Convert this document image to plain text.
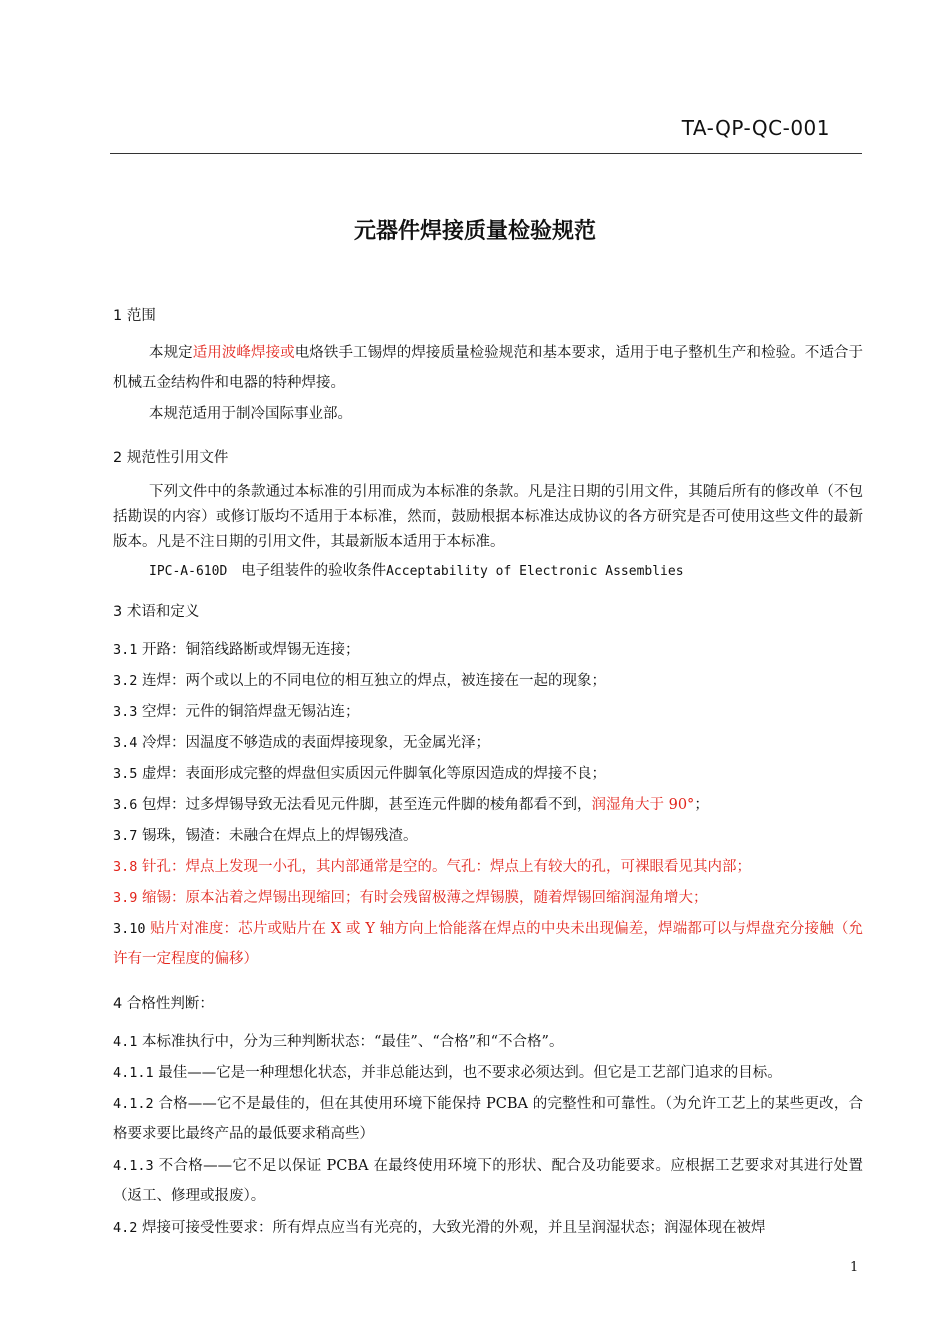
TA-QP-QC-001
元器件焊接质量检验规范
1 范围
本规定适用波峰焊接或电烙铁手工锡焊的焊接质量检验规范和基本要求，适用于电子整机生产和检验。不适合于机械五金结构件和电器的特种焊接。
本规范适用于制冷国际事业部。
2 规范性引用文件
下列文件中的条款通过本标准的引用而成为本标准的条款。凡是注日期的引用文件，其随后所有的修改单（不包括勘误的内容）或修订版均不适用于本标准，然而，鼓励根据本标准达成协议的各方研究是否可使用这些文件的最新版本。凡是不注日期的引用文件，其最新版本适用于本标准。
IPC-A-610D 电子组装件的验收条件Acceptability of Electronic Assemblies
3 术语和定义
3.1 开路：铜箔线路断或焊锡无连接；
3.2 连焊：两个或以上的不同电位的相互独立的焊点，被连接在一起的现象；
3.3 空焊：元件的铜箔焊盘无锡沾连；
3.4 冷焊：因温度不够造成的表面焊接现象，无金属光泽；
3.5 虚焊：表面形成完整的焊盘但实质因元件脚氧化等原因造成的焊接不良；
3.6 包焊：过多焊锡导致无法看见元件脚，甚至连元件脚的棱角都看不到，润湿角大于 90°；
3.7 锡珠，锡渣：未融合在焊点上的焊锡残渣。
3.8 针孔：焊点上发现一小孔，其内部通常是空的。气孔：焊点上有较大的孔，可裸眼看见其内部；
3.9 缩锡：原本沾着之焊锡出现缩回；有时会残留极薄之焊锡膜，随着焊锡回缩润湿角增大；
3.10 贴片对准度：芯片或贴片在 X 或 Y 轴方向上恰能落在焊点的中央未出现偏差，焊端都可以与焊盘充分接触（允许有一定程度的偏移）
4 合格性判断：
4.1 本标准执行中，分为三种判断状态：“最佳”、“合格”和“不合格”。
4.1.1 最佳——它是一种理想化状态，并非总能达到，也不要求必须达到。但它是工艺部门追求的目标。
4.1.2 合格——它不是最佳的，但在其使用环境下能保持 PCBA 的完整性和可靠性。（为允许工艺上的某些更改，合格要求要比最终产品的最低要求稍高些）
4.1.3 不合格——它不足以保证 PCBA 在最终使用环境下的形状、配合及功能要求。应根据工艺要求对其进行处置（返工、修理或报废）。
4.2 焊接可接受性要求：所有焊点应当有光亮的，大致光滑的外观，并且呈润湿状态；润湿体现在被焊
1
